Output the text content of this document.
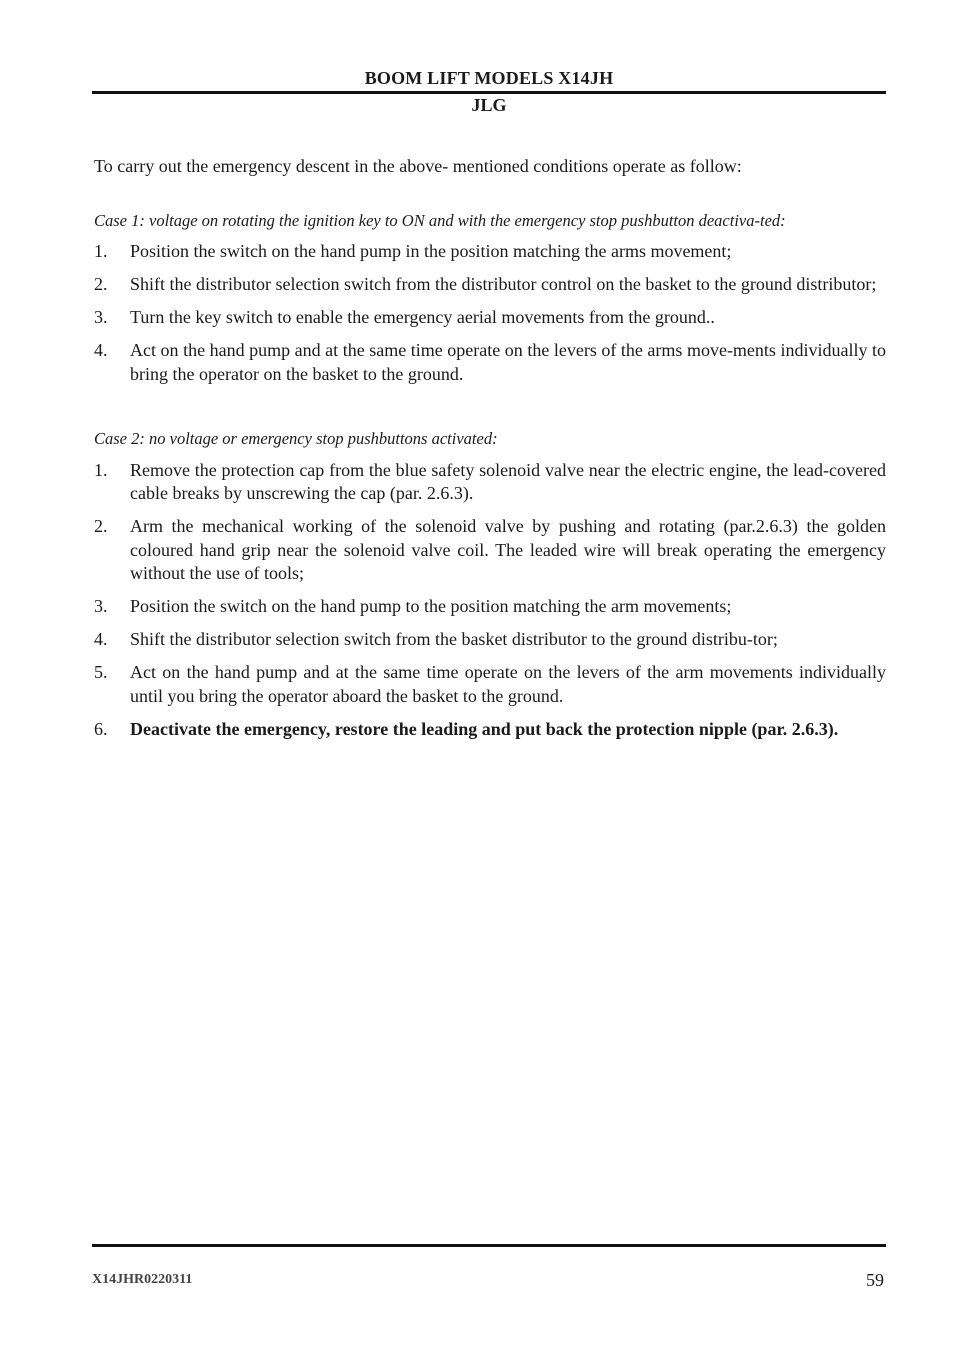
BOOM LIFT MODELS X14JH
JLG

To carry out the emergency descent in the above- mentioned conditions operate as follow:

Case 1: voltage on rotating the ignition key to ON and with the emergency stop pushbutton deactiva-ted:

1. Position the switch on the hand pump in the position matching the arms movement;
2. Shift the distributor selection switch from the distributor control on the basket to the ground distributor;
3. Turn the key switch to enable the emergency aerial movements from the ground..
4. Act on the hand pump and at the same time operate on the levers of the arms move-ments individually to bring the operator on the basket to the ground.

Case 2: no voltage or emergency stop pushbuttons activated:

1. Remove the protection cap from the blue safety solenoid valve near the electric engine, the lead-covered cable breaks by unscrewing the cap (par. 2.6.3).
2. Arm the mechanical working of the solenoid valve by pushing and rotating (par.2.6.3) the golden coloured hand grip near the solenoid valve coil. The leaded wire will break operating the emergency without the use of tools;
3. Position the switch on the hand pump to the position matching the arm movements;
4. Shift the distributor selection switch from the basket distributor to the ground distribu-tor;
5. Act on the hand pump and at the same time operate on the levers of the arm movements individually until you bring the operator aboard the basket to the ground.
6. Deactivate the emergency, restore the leading and put back the protection nipple (par. 2.6.3).
X14JHR0220311	59
